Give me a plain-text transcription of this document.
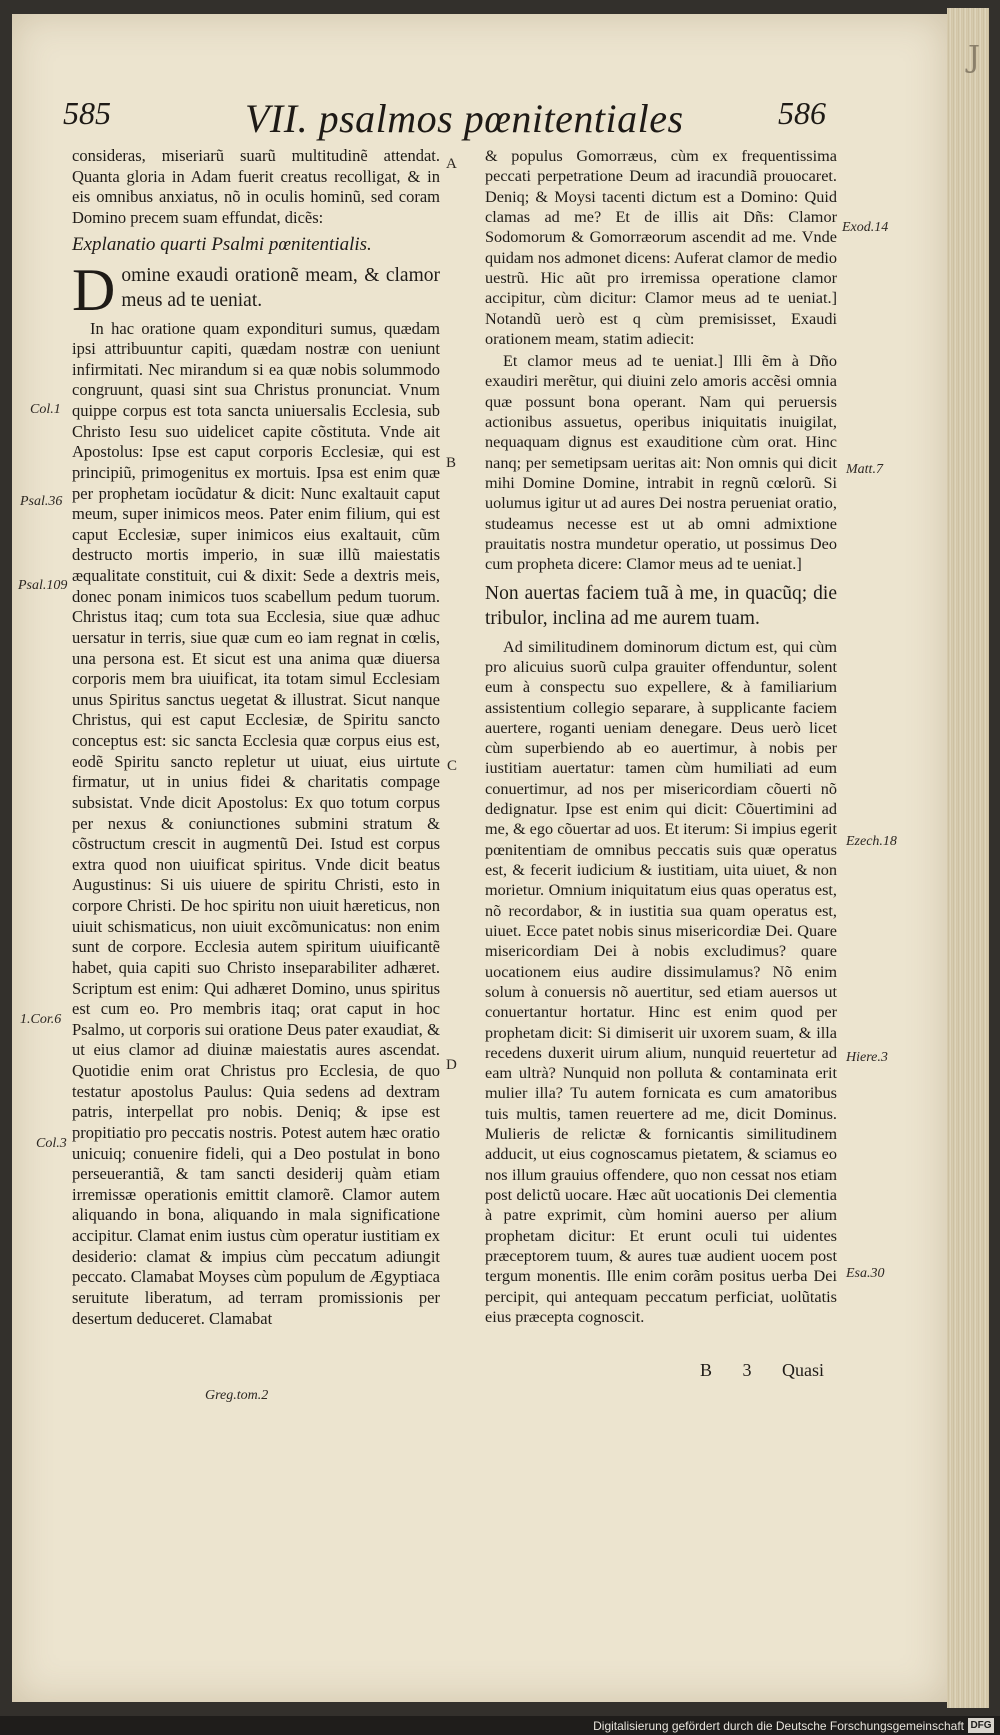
J
585	VII. psalmos pœnitentiales	586

consideras, miseriarũ suarũ multitudinẽ attendat. Quanta gloria in Adam fuerit creatus recolligat, & in eis omnibus anxiatus, nõ in oculis hominũ, sed coram Domino precem suam effundat, dicẽs:

Explanatio quarti Psalmi pœnitentialis.

Domine exaudi orationẽ meam, & clamor meus ad te ueniat.

In hac oratione quam expondituri sumus, quædam ipsi attribuuntur capiti, quædam nostræ con ueniunt infirmitati. Nec mirandum si ea quæ nobis solummodo congruunt, quasi sint sua Christus pronunciat. Vnum quippe corpus est tota sancta uniuersalis Ecclesia, sub Christo Iesu suo uidelicet capite cõstituta. Vnde ait Apostolus: Ipse est caput corporis Ecclesiæ, qui est principiũ, primogenitus ex mortuis. Ipsa est enim quæ per prophetam iocũdatur & dicit: Nunc exaltauit caput meum, super inimicos meos. Pater enim filium, qui est caput Ecclesiæ, super inimicos eius exaltauit, cũm destructo mortis imperio, in suæ illũ maiestatis æqualitate constituit, cui & dixit: Sede a dextris meis, donec ponam inimicos tuos scabellum pedum tuorum. Christus itaq; cum tota sua Ecclesia, siue quæ adhuc uersatur in terris, siue quæ cum eo iam regnat in cœlis, una persona est. Et sicut est una anima quæ diuersa corporis mem bra uiuificat, ita totam simul Ecclesiam unus Spiritus sanctus uegetat & illustrat. Sicut nanque Christus, qui est caput Ecclesiæ, de Spiritu sancto conceptus est: sic sancta Ecclesia quæ corpus eius est, eodẽ Spiritu sancto repletur ut uiuat, eius uirtute firmatur, ut in unius fidei & charitatis compage subsistat. Vnde dicit Apostolus: Ex quo totum corpus per nexus & coniunctiones submini stratum & cõstructum crescit in augmentũ Dei. Istud est corpus extra quod non uiuificat spiritus. Vnde dicit beatus Augustinus: Si uis uiuere de spiritu Christi, esto in corpore Christi. De hoc spiritu non uiuit hæreticus, non uiuit schismaticus, non uiuit excõmunicatus: non enim sunt de corpore. Ecclesia autem spiritum uiuificantẽ habet, quia capiti suo Christo inseparabiliter adhæret. Scriptum est enim: Qui adhæret Domino, unus spiritus est cum eo. Pro membris itaq; orat caput in hoc Psalmo, ut corporis sui oratione Deus pater exaudiat, & ut eius clamor ad diuinæ maiestatis aures ascendat. Quotidie enim orat Christus pro Ecclesia, de quo testatur apostolus Paulus: Quia sedens ad dextram patris, interpellat pro nobis. Deniq; & ipse est propitiatio pro peccatis nostris. Potest autem hæc oratio unicuiq; conuenire fideli, qui a Deo postulat in bono perseuerantiã, & tam sancti desiderij quàm etiam irremissæ operationis emittit clamorẽ. Clamor autem aliquando in bona, aliquando in mala significatione accipitur. Clamat enim iustus cùm operatur iustitiam ex desiderio: clamat & impius cùm peccatum adiungit peccato. Clamabat Moyses cùm populum de Ægyptiaca seruitute liberatum, ad terram promissionis per desertum deduceret. Clamabat

& populus Gomorræus, cùm ex frequentissima peccati perpetratione Deum ad iracundiã prouocaret. Deniq; & Moysi tacenti dictum est a Domino: Quid clamas ad me? Et de illis ait Dñs: Clamor Sodomorum & Gomorræorum ascendit ad me. Vnde quidam nos admonet dicens: Auferat clamor de medio uestrũ. Hic aũt pro irremissa operatione clamor accipitur, cùm dicitur: Clamor meus ad te ueniat.] Notandũ uerò est q cùm premisisset, Exaudi orationem meam, statim adiecit:

Et clamor meus ad te ueniat.] Illi ẽm à Dño exaudiri merẽtur, qui diuini zelo amoris accẽsi omnia quæ possunt bona operant. Nam qui peruersis actionibus assuetus, operibus iniquitatis inuigilat, nequaquam dignus est exauditione cùm orat. Hinc nanq; per semetipsam ueritas ait: Non omnis qui dicit mihi Domine Domine, intrabit in regnũ cœlorũ. Si uolumus igitur ut ad aures Dei nostra perueniat oratio, studeamus necesse est ut ab omni admixtione prauitatis nostra mundetur operatio, ut possimus Deo cum propheta dicere: Clamor meus ad te ueniat.]

Non auertas faciem tuã à me, in quacũq; die tribulor, inclina ad me aurem tuam.

Ad similitudinem dominorum dictum est, qui cùm pro alicuius suorũ culpa grauiter offenduntur, solent eum à conspectu suo expellere, & à familiarium assistentium collegio separare, à supplicante faciem auertere, roganti ueniam denegare. Deus uerò licet cùm superbiendo ab eo auertimur, à nobis per iustitiam auertatur: tamen cùm humiliati ad eum conuertimur, ad nos per misericordiam cõuerti nõ dedignatur. Ipse est enim qui dicit: Cõuertimini ad me, & ego cõuertar ad uos. Et iterum: Si impius egerit pœnitentiam de omnibus peccatis suis quæ operatus est, & fecerit iudicium & iustitiam, uita uiuet, & non morietur. Omnium iniquitatum eius quas operatus est, nõ recordabor, & in iustitia sua quam operatus est, uiuet. Ecce patet nobis sinus misericordiæ Dei. Quare misericordiam Dei à nobis excludimus? quare uocationem eius audire dissimulamus? Nõ enim solum à conuersis nõ auertitur, sed etiam auersos ut conuertantur hortatur. Hinc est enim quod per prophetam dicit: Si dimiserit uir uxorem suam, & illa recedens duxerit uirum alium, nunquid reuertetur ad eam ultrà? Nunquid non polluta & contaminata erit mulier illa? Tu autem fornicata es cum amatoribus tuis multis, tamen reuertere ad me, dicit Dominus. Mulieris de relictæ & fornicantis similitudinem adducit, ut eius cognoscamus pietatem, & sciamus eo nos illum grauius offendere, quo non cessat nos etiam post delictũ uocare. Hæc aũt uocationis Dei clementia à patre exprimit, cùm homini auerso per alium prophetam dicitur: Et erunt oculi tui uidentes præceptorem tuum, & aures tuæ audient uocem post tergum monentis. Ille enim corãm positus uerba Dei percipit, qui antequam peccatum perficiat, uolũtatis eius præcepta cognoscit.

Col.1
Psal.36
Psal.109
1.Cor.6
Col.3
Exod.14
Matt.7
Ezech.18
Hiere.3
Esa.30
A
B
C
D
B 3 Quasi
Greg.tom.2
Digitalisierung gefördert durch die Deutsche Forschungsgemeinschaft DFG
